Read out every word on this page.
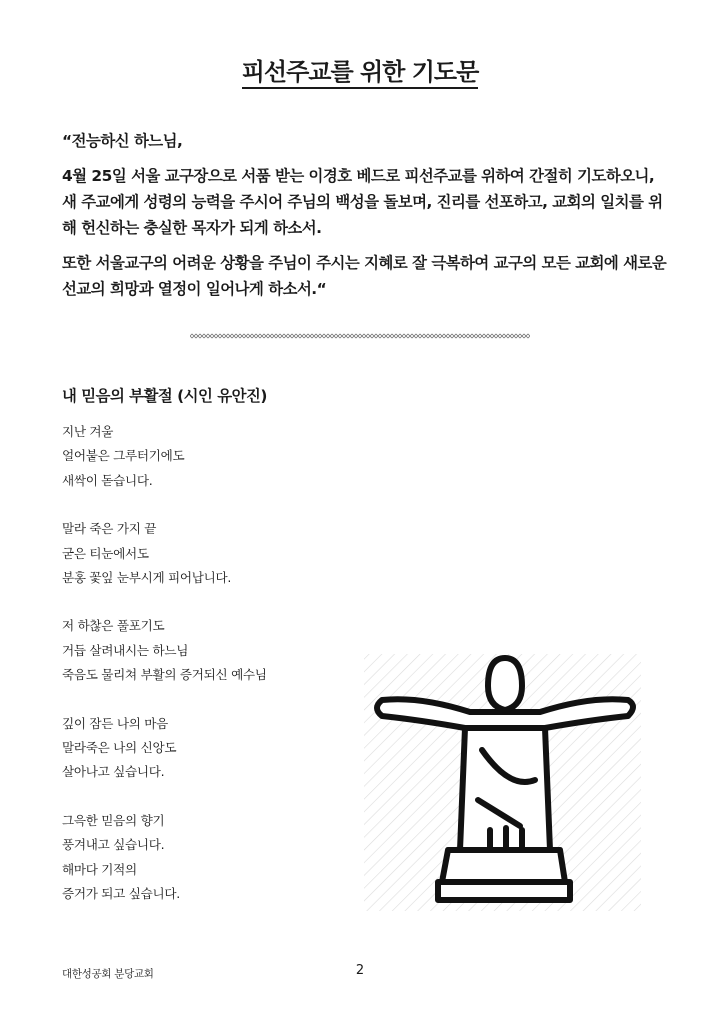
피선주교를 위한 기도문

“전능하신 하느님,

4월 25일 서울 교구장으로 서품 받는 이경호 베드로 피선주교를 위하여 간절히 기도하오니, 새 주교에게 성령의 능력을 주시어 주님의 백성을 돌보며, 진리를 선포하고, 교회의 일치를 위해 헌신하는 충실한 목자가 되게 하소서.

또한 서울교구의 어려운 상황을 주님이 주시는 지혜로 잘 극복하여 교구의 모든 교회에 새로운 선교의 희망과 열정이 일어나게 하소서.“

내 믿음의 부활절 (시인 유안진)
지난 겨울
얼어붙은 그루터기에도
새싹이 돋습니다.
말라 죽은 가지 끝
굳은 티눈에서도
분홍 꽃잎 눈부시게 피어납니다.
저 하찮은 풀포기도
거듭 살려내시는 하느님
죽음도 물리쳐 부활의 증거되신 예수님
깊이 잠든 나의 마음
말라죽은 나의 신앙도
살아나고 싶습니다.
그윽한 믿음의 향기
풍겨내고 싶습니다.
해마다 기적의
증거가 되고 싶습니다.
대한성공회 분당교회	2
